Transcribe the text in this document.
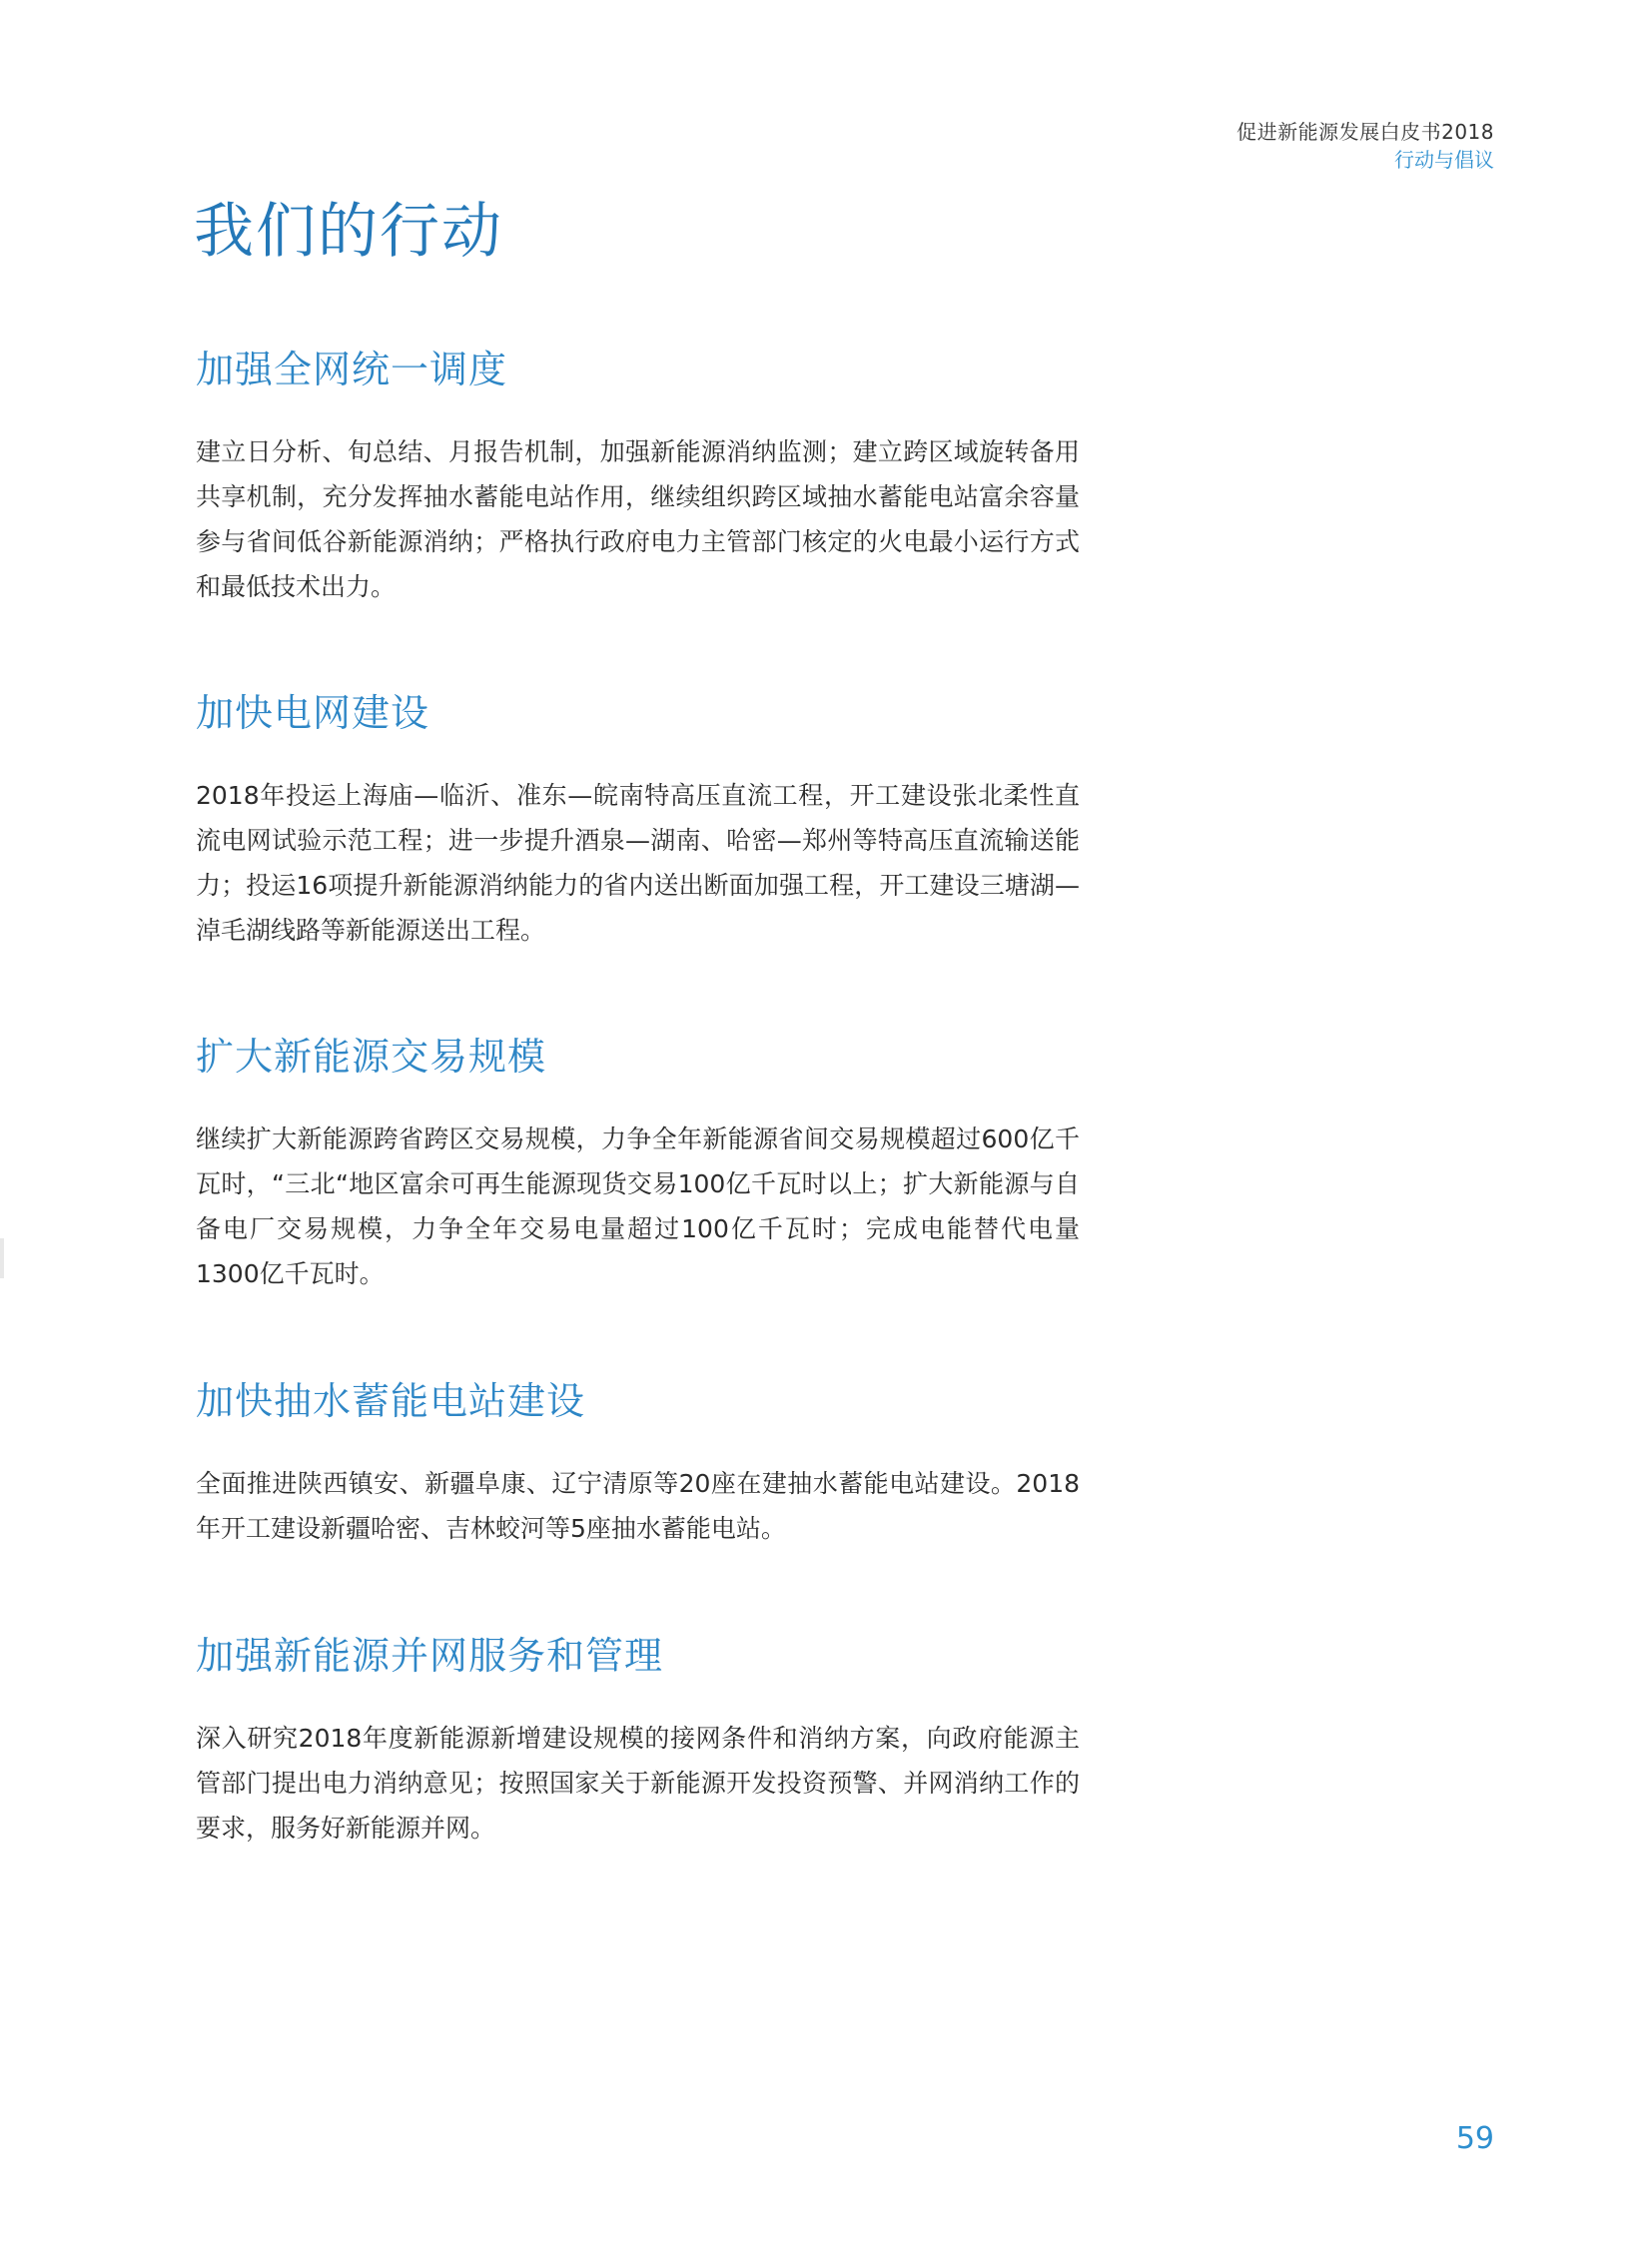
促进新能源发展白皮书2018
行动与倡议
我们的行动
加强全网统一调度

建立日分析、旬总结、月报告机制，加强新能源消纳监测；建立跨区域旋转备用共享机制，充分发挥抽水蓄能电站作用，继续组织跨区域抽水蓄能电站富余容量参与省间低谷新能源消纳；严格执行政府电力主管部门核定的火电最小运行方式和最低技术出力。

加快电网建设

2018年投运上海庙—临沂、准东—皖南特高压直流工程，开工建设张北柔性直流电网试验示范工程；进一步提升酒泉—湖南、哈密—郑州等特高压直流输送能力；投运16项提升新能源消纳能力的省内送出断面加强工程，开工建设三塘湖—淖毛湖线路等新能源送出工程。

扩大新能源交易规模

继续扩大新能源跨省跨区交易规模，力争全年新能源省间交易规模超过600亿千瓦时，“三北“地区富余可再生能源现货交易100亿千瓦时以上；扩大新能源与自备电厂交易规模，力争全年交易电量超过100亿千瓦时；完成电能替代电量1300亿千瓦时。

加快抽水蓄能电站建设

全面推进陕西镇安、新疆阜康、辽宁清原等20座在建抽水蓄能电站建设。2018年开工建设新疆哈密、吉林蛟河等5座抽水蓄能电站。

加强新能源并网服务和管理

深入研究2018年度新能源新增建设规模的接网条件和消纳方案，向政府能源主管部门提出电力消纳意见；按照国家关于新能源开发投资预警、并网消纳工作的要求，服务好新能源并网。

59
